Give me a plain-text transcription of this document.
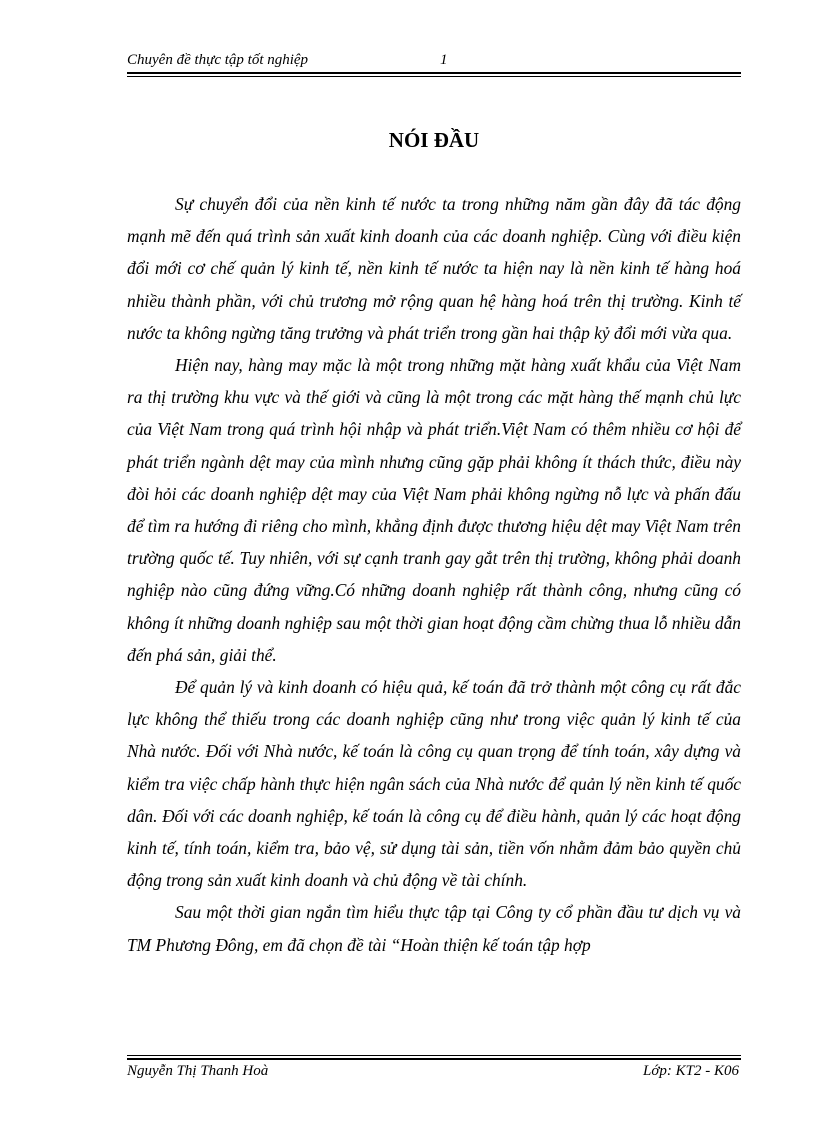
Chuyên đề thực tập tốt nghiệp	1
NÓI ĐẦU

Sự chuyển đổi của nền kinh tế nước ta trong những năm gần đây đã tác động mạnh mẽ đến quá trình sản xuất kinh doanh của các doanh nghiệp. Cùng với điều kiện đổi mới cơ chế quản lý kinh tế, nền kinh tế nước ta hiện nay là nền kinh tế hàng hoá nhiều thành phần, với chủ trương mở rộng quan hệ hàng hoá trên thị trường. Kinh tế nước ta không ngừng tăng trưởng và phát triển trong gần hai thập kỷ đổi mới vừa qua.

Hiện nay, hàng may mặc là một trong những mặt hàng xuất khẩu của Việt Nam ra thị trường khu vực và thế giới và cũng là một trong các mặt hàng thế mạnh chủ lực của Việt Nam trong quá trình hội nhập và phát triển.Việt Nam có thêm nhiều cơ hội để phát triển ngành dệt may của mình nhưng cũng gặp phải không ít thách thức, điều này đòi hỏi các doanh nghiệp dệt may của Việt Nam phải không ngừng nỗ lực và phấn đấu để tìm ra hướng đi riêng cho mình, khẳng định được thương hiệu dệt may Việt Nam trên trường quốc tế. Tuy nhiên, với sự cạnh tranh gay gắt trên thị trường, không phải doanh nghiệp nào cũng đứng vững.Có những doanh nghiệp rất thành công, nhưng cũng có không ít những doanh nghiệp sau một thời gian hoạt động cầm chừng thua lỗ nhiều dẫn đến phá sản, giải thể.

Để quản lý và kinh doanh có hiệu quả, kế toán đã trở thành một công cụ rất đắc lực không thể thiếu trong các doanh nghiệp cũng như trong việc quản lý kinh tế của Nhà nước. Đối với Nhà nước, kế toán là công cụ quan trọng để tính toán, xây dựng và kiểm tra việc chấp hành thực hiện ngân sách của Nhà nước để quản lý nền kinh tế quốc dân. Đối với các doanh nghiệp, kế toán là công cụ để điều hành, quản lý các hoạt động kinh tế, tính toán, kiểm tra, bảo vệ, sử dụng tài sản, tiền vốn nhằm đảm bảo quyền chủ động trong sản xuất kinh doanh và chủ động về tài chính.

Sau một thời gian ngắn tìm hiểu thực tập tại Công ty cổ phần đầu tư dịch vụ và TM Phương Đông, em đã chọn đề tài “Hoàn thiện kế toán tập hợp

Nguyễn Thị Thanh Hoà	Lớp: KT2 - K06
